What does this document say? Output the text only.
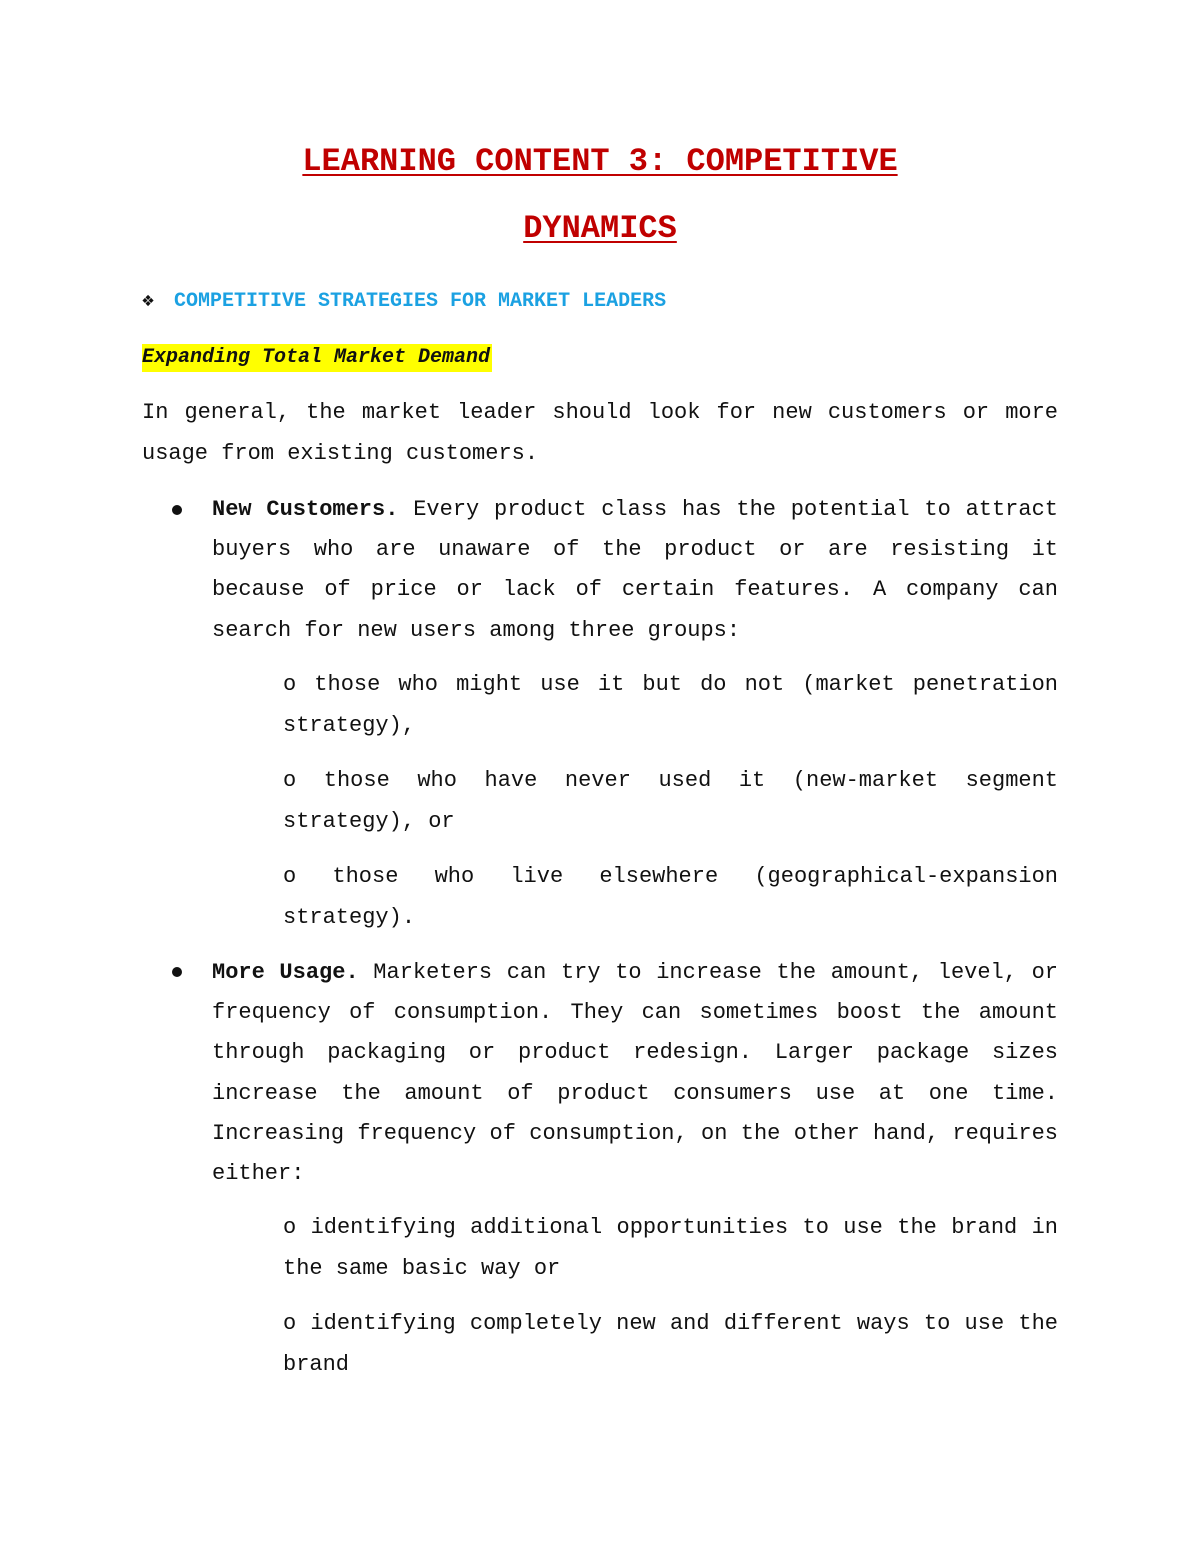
LEARNING CONTENT 3: COMPETITIVE
DYNAMICS
❖ COMPETITIVE STRATEGIES FOR MARKET LEADERS
Expanding Total Market Demand
In general, the market leader should look for new customers or more usage from existing customers.
New Customers. Every product class has the potential to attract buyers who are unaware of the product or are resisting it because of price or lack of certain features. A company can search for new users among three groups:
o those who might use it but do not (market penetration strategy),
o those who have never used it (new-market segment strategy), or
o those who live elsewhere (geographical-expansion strategy).
More Usage. Marketers can try to increase the amount, level, or frequency of consumption. They can sometimes boost the amount through packaging or product redesign. Larger package sizes increase the amount of product consumers use at one time. Increasing frequency of consumption, on the other hand, requires either:
o identifying additional opportunities to use the brand in the same basic way or
o identifying completely new and different ways to use the brand
